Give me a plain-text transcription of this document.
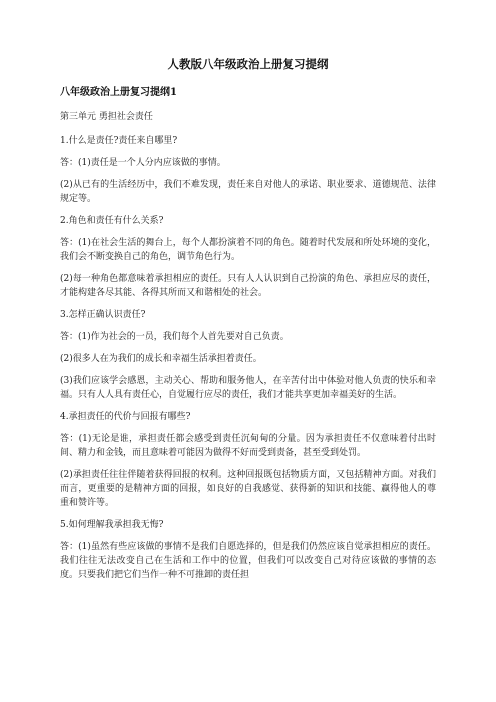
人教版八年级政治上册复习提纲
八年级政治上册复习提纲1
第三单元 勇担社会责任
1.什么是责任?责任来自哪里?
答：(1)责任是一个人分内应该做的事情。
(2)从已有的生活经历中，我们不难发现，责任来自对他人的承诺、职业要求、道德规范、法律规定等。
2.角色和责任有什么关系?
答：(1)在社会生活的舞台上，每个人都扮演着不同的角色。随着时代发展和所处环境的变化，我们会不断变换自己的角色，调节角色行为。
(2)每一种角色都意味着承担相应的责任。只有人人认识到自己扮演的角色、承担应尽的责任，才能构建各尽其能、各得其所而又和谐相处的社会。
3.怎样正确认识责任?
答：(1)作为社会的一员，我们每个人首先要对自己负责。
(2)很多人在为我们的成长和幸福生活承担着责任。
(3)我们应该学会感恩，主动关心、帮助和服务他人，在辛苦付出中体验对他人负责的快乐和幸福。只有人人具有责任心，自觉履行应尽的责任，我们才能共享更加幸福美好的生活。
4.承担责任的代价与回报有哪些?
答：(1)无论是谁，承担责任都会感受到责任沉甸甸的分量。因为承担责任不仅意味着付出时间、精力和金钱，而且意味着可能因为做得不好而受到责备，甚至受到处罚。
(2)承担责任往往伴随着获得回报的权利。这种回报既包括物质方面，又包括精神方面。对我们而言，更重要的是精神方面的回报，如良好的自我感觉、获得新的知识和技能、赢得他人的尊重和赞许等。
5.如何理解我承担我无悔?
答：(1)虽然有些应该做的事情不是我们自愿选择的，但是我们仍然应该自觉承担相应的责任。我们往往无法改变自己在生活和工作中的位置，但我们可以改变自己对待应该做的事情的态度。只要我们把它们当作一种不可推卸的责任担
